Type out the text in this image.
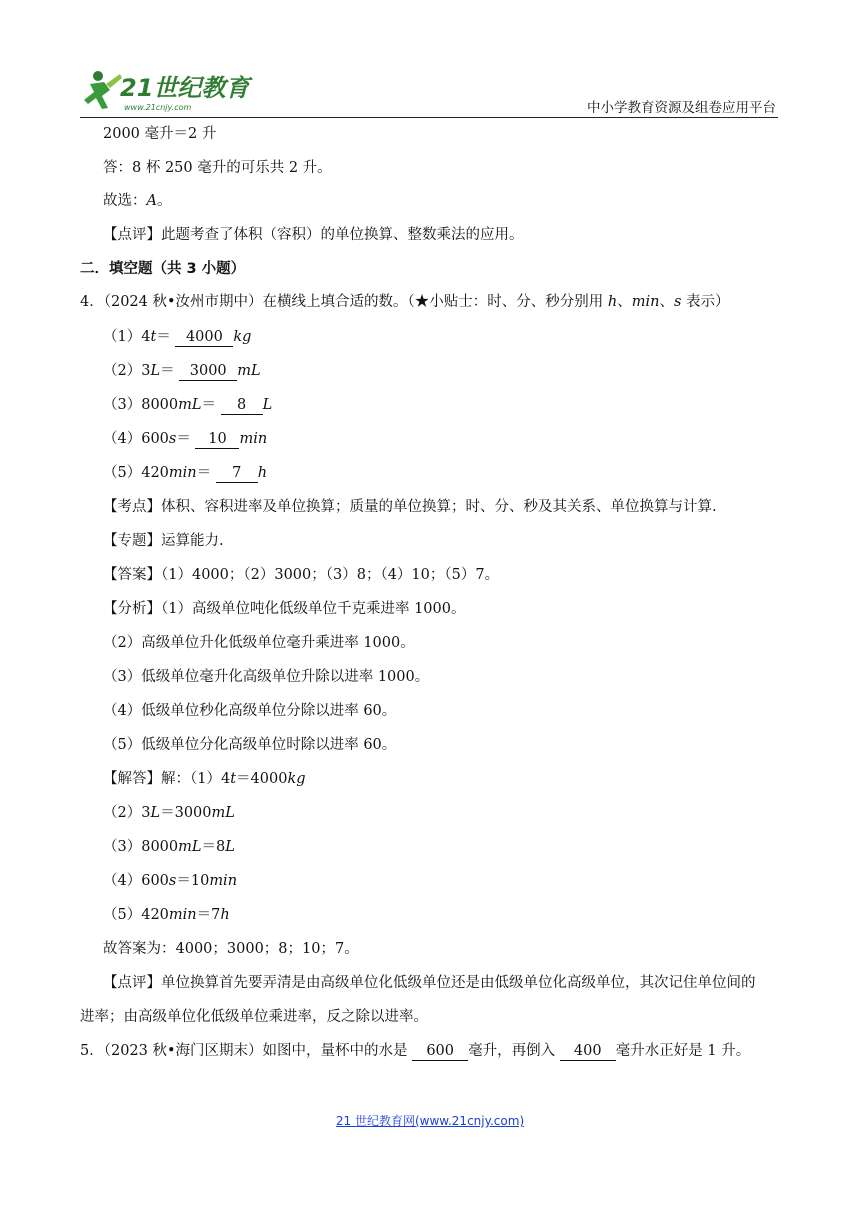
21世纪教育
www.21cnjy.com	中小学教育资源及组卷应用平台
2000 毫升＝2 升
答：8 杯 250 毫升的可乐共 2 升。
故选：A。
【点评】此题考查了体积（容积）的单位换算、整数乘法的应用。
二．填空题（共 3 小题）
4．（2024 秋•汝州市期中）在横线上填合适的数。（★小贴士：时、分、秒分别用 h、min、s 表示）
（1）4t＝ 4000 kg
（2）3L＝ 3000 mL
（3）8000mL＝ 8 L
（4）600s＝ 10 min
（5）420min＝ 7 h
【考点】体积、容积进率及单位换算；质量的单位换算；时、分、秒及其关系、单位换算与计算.
【专题】运算能力.
【答案】（1）4000；（2）3000；（3）8；（4）10；（5）7。
【分析】（1）高级单位吨化低级单位千克乘进率 1000。
（2）高级单位升化低级单位毫升乘进率 1000。
（3）低级单位毫升化高级单位升除以进率 1000。
（4）低级单位秒化高级单位分除以进率 60。
（5）低级单位分化高级单位时除以进率 60。
【解答】解：（1）4t＝4000kg
（2）3L＝3000mL
（3）8000mL＝8L
（4）600s＝10min
（5）420min＝7h
故答案为：4000；3000；8；10；7。
【点评】单位换算首先要弄清是由高级单位化低级单位还是由低级单位化高级单位，其次记住单位间的
进率；由高级单位化低级单位乘进率，反之除以进率。
5．（2023 秋•海门区期末）如图中，量杯中的水是 600 毫升，再倒入 400 毫升水正好是 1 升。
21 世纪教育网(www.21cnjy.com)
